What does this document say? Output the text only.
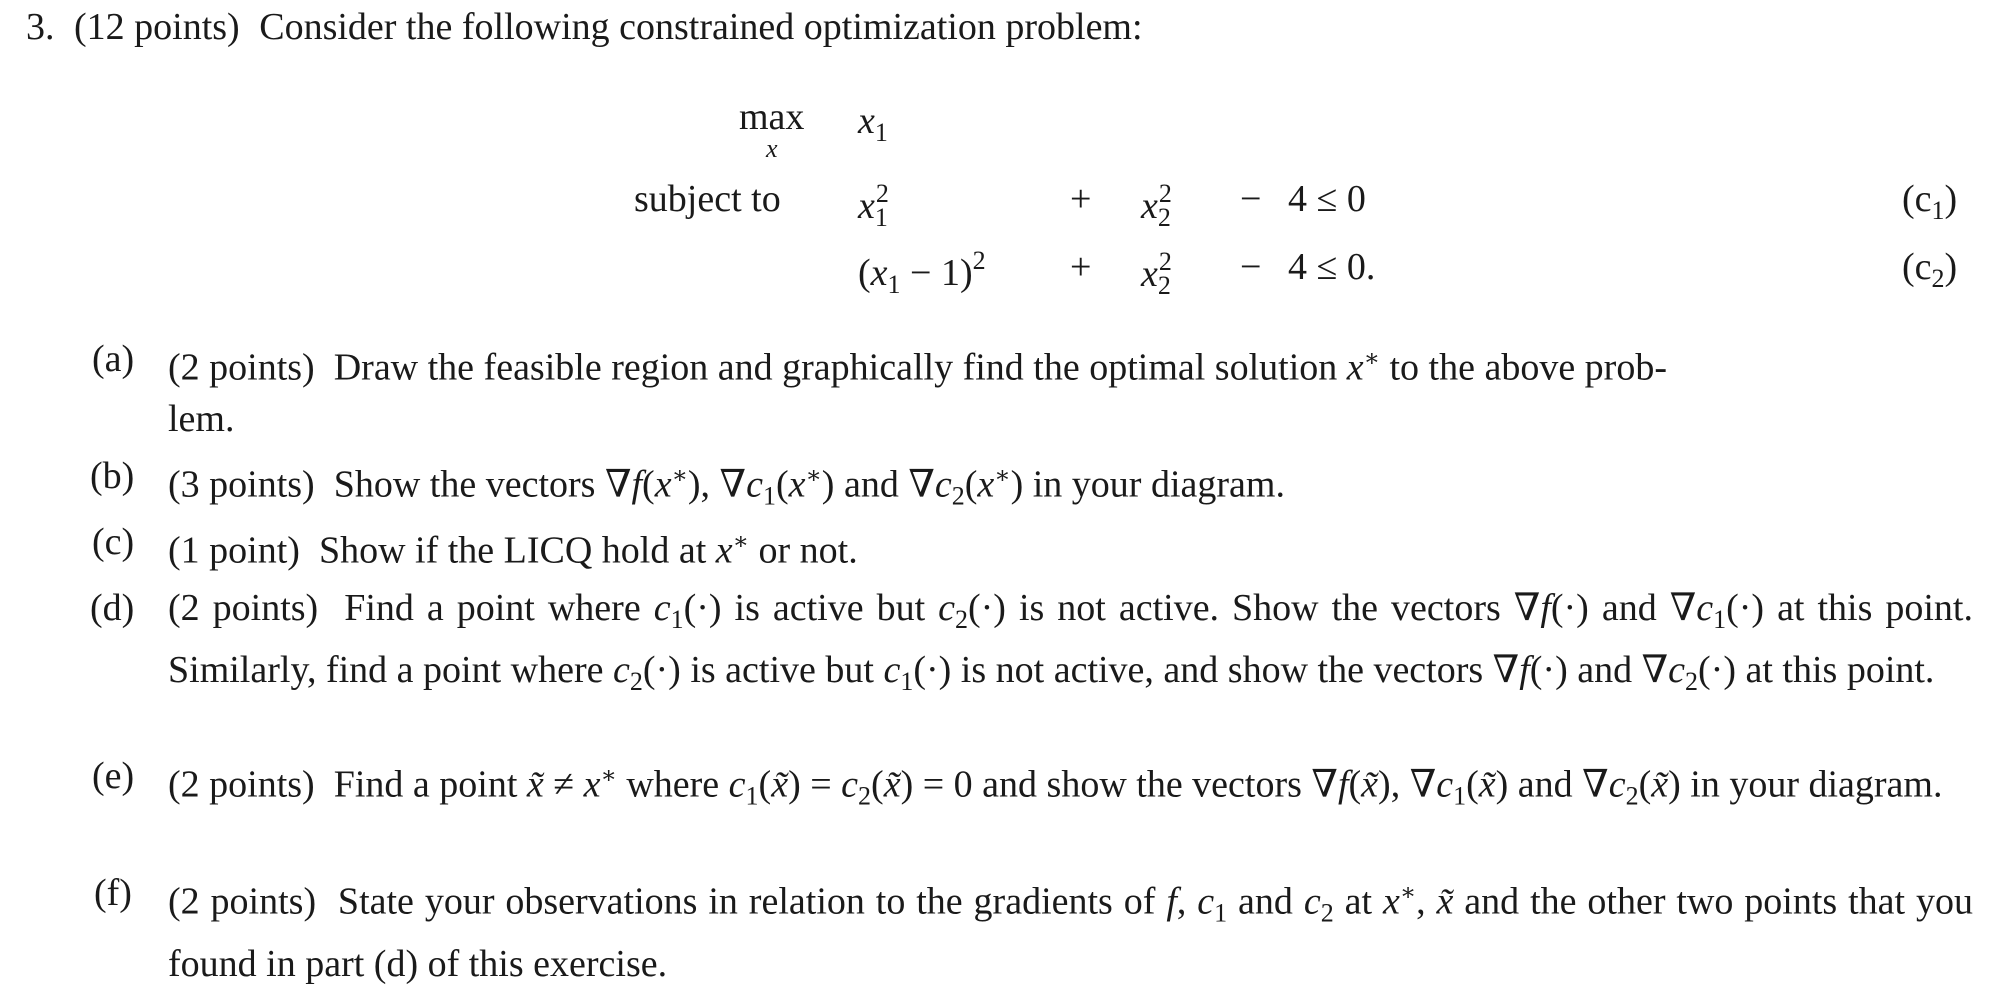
3. (12 points) Consider the following constrained optimization problem:
max
x
$x_1$
subject to $x_1^2$	+ $x_2^2 - 4 \le 0$	$(c_1)$
$(x_1 - 1)^2 + x_2^2 - 4 \le 0$.	$(c_2)$
(a) (2 points)  Draw the feasible region and graphically find the optimal solution x∗ to the above prob-
lem.
(b) (3 points)  Show the vectors ∇f(x∗), $\nabla c_1(x^∗)$ and $\nabla c_2(x^∗)$ in your diagram.
(c) (1 point)  Show if the LICQ hold at x∗ or not.
(d) (2 points)  Find a point where $c_1(\cdot)$ is active but $c_2(\cdot)$ is not active. Show the vectors ∇f(·) and $\nabla c_1(\cdot)$ at this point. Similarly, find a point where $c_2(\cdot)$ is active but $c_1(\cdot)$ is not active, and show the vectors ∇f(·) and $\nabla c_2(\cdot)$ at this point.
(e) (2 points)  Find a point x̃ ≠ x∗ where $c_1(x̃)$ = $c_2(x̃) = 0$ and show the vectors ∇f(x̃), $\nabla c_1(x̃)$ and $\nabla c_2(x̃)$ in your diagram.
(f) (2 points)  State your observations in relation to the gradients of f, $c_1$ and $c_2$ at x∗, x̃ and the other two points that you found in part (d) of this exercise.
